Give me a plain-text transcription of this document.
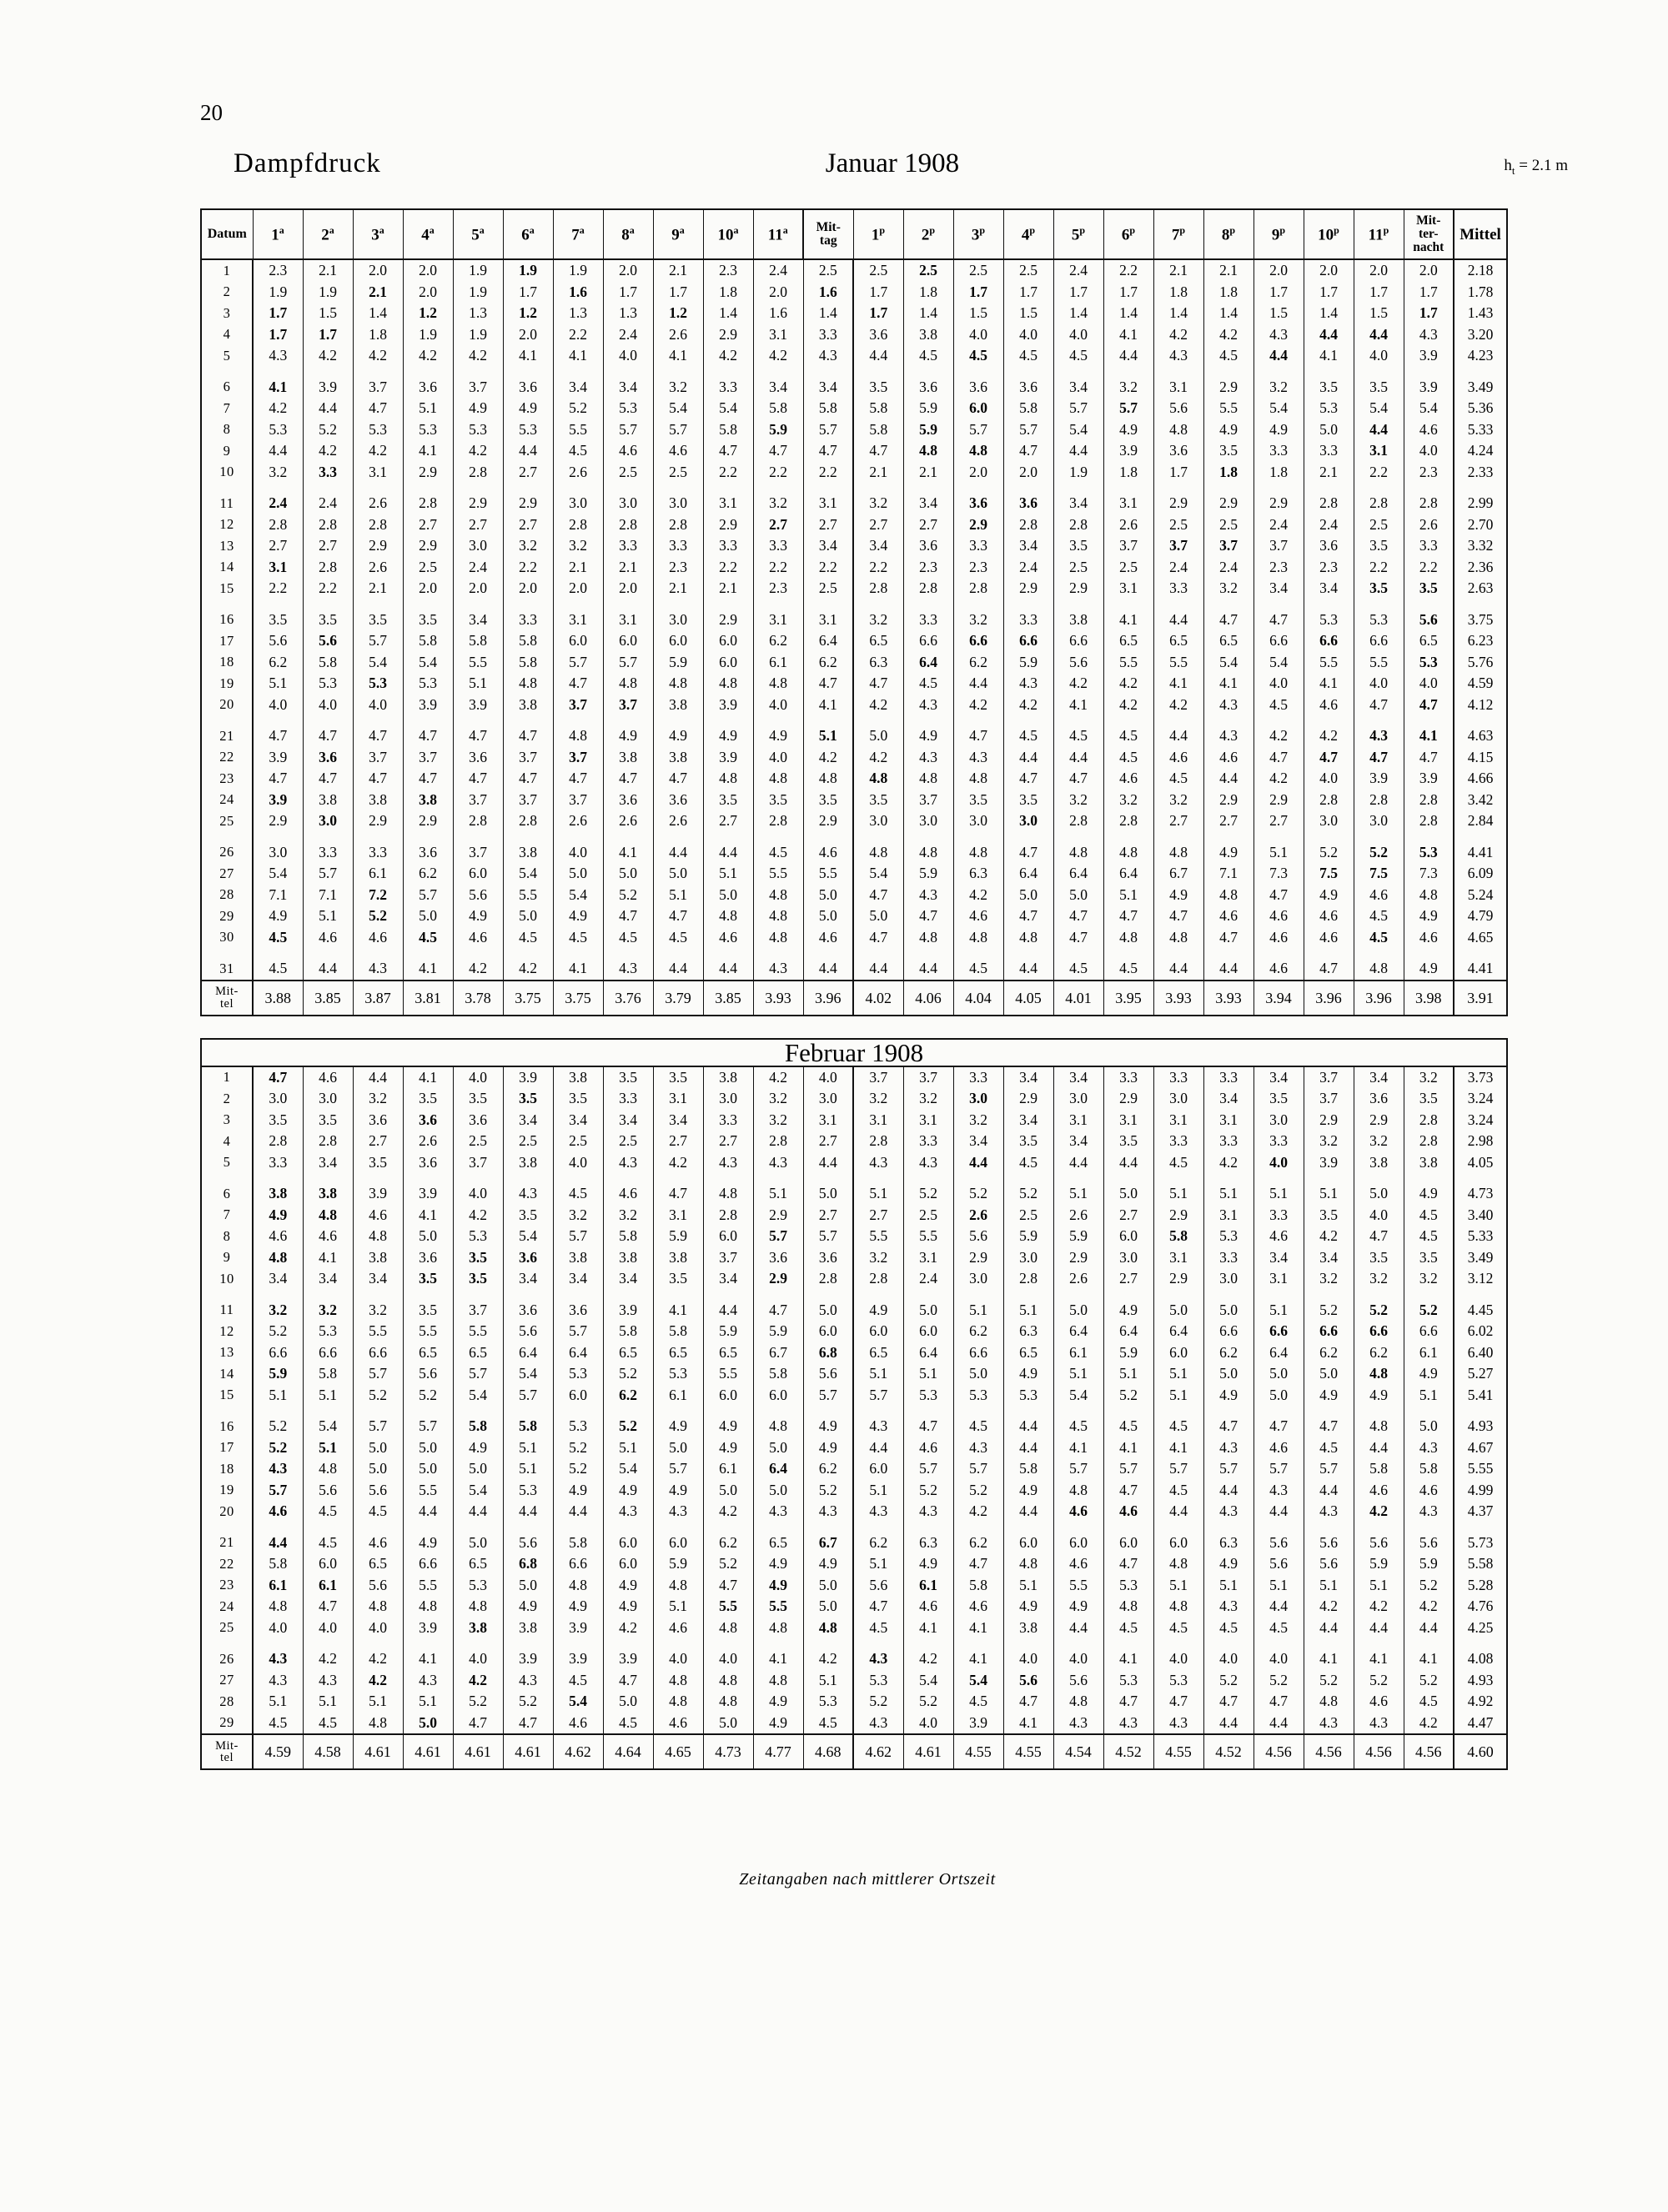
20
Dampfdruck	Januar 1908	$h_t = 2.1$ m
Datum	1$^a$	2$^a$	3$^a$	4$^a$	5$^a$	6$^a$	7$^a$	8$^a$	9$^a$	10$^a$	11$^a$	Mit-
tag	1$^p$	2$^p$	3$^p$	4$^p$	5$^p$	6$^p$	7$^p$	8$^p$	9$^p$	10$^p$	11$^p$	Mit-
ter-
nacht	Mittel
1	2.3	2.1	2.0	2.0	1.9	1.9	1.9	2.0	2.1	2.3	2.4	2.5	2.5	2.5	2.5	2.5	2.4	2.2	2.1	2.1	2.0	2.0	2.0	2.0	2.18
2	1.9	1.9	2.1	2.0	1.9	1.7	1.6	1.7	1.7	1.8	2.0	1.6	1.7	1.8	1.7	1.7	1.7	1.7	1.8	1.8	1.7	1.7	1.7	1.7	1.78
3	1.7	1.5	1.4	1.2	1.3	1.2	1.3	1.3	1.2	1.4	1.6	1.4	1.7	1.4	1.5	1.5	1.4	1.4	1.4	1.4	1.5	1.4	1.5	1.7	1.43
4	1.7	1.7	1.8	1.9	1.9	2.0	2.2	2.4	2.6	2.9	3.1	3.3	3.6	3.8	4.0	4.0	4.0	4.1	4.2	4.2	4.3	4.4	4.4	4.3	3.20
5	4.3	4.2	4.2	4.2	4.2	4.1	4.1	4.0	4.1	4.2	4.2	4.3	4.4	4.5	4.5	4.5	4.5	4.4	4.3	4.5	4.4	4.1	4.0	3.9	4.23
6	4.1	3.9	3.7	3.6	3.7	3.6	3.4	3.4	3.2	3.3	3.4	3.4	3.5	3.6	3.6	3.6	3.4	3.2	3.1	2.9	3.2	3.5	3.5	3.9	3.49
7	4.2	4.4	4.7	5.1	4.9	4.9	5.2	5.3	5.4	5.4	5.8	5.8	5.8	5.9	6.0	5.8	5.7	5.7	5.6	5.5	5.4	5.3	5.4	5.4	5.36
8	5.3	5.2	5.3	5.3	5.3	5.3	5.5	5.7	5.7	5.8	5.9	5.7	5.8	5.9	5.7	5.7	5.4	4.9	4.8	4.9	4.9	5.0	4.4	4.6	5.33
9	4.4	4.2	4.2	4.1	4.2	4.4	4.5	4.6	4.6	4.7	4.7	4.7	4.7	4.8	4.8	4.7	4.4	3.9	3.6	3.5	3.3	3.3	3.1	4.0	4.24
10	3.2	3.3	3.1	2.9	2.8	2.7	2.6	2.5	2.5	2.2	2.2	2.2	2.1	2.1	2.0	2.0	1.9	1.8	1.7	1.8	1.8	2.1	2.2	2.3	2.33
11	2.4	2.4	2.6	2.8	2.9	2.9	3.0	3.0	3.0	3.1	3.2	3.1	3.2	3.4	3.6	3.6	3.4	3.1	2.9	2.9	2.9	2.8	2.8	2.8	2.99
12	2.8	2.8	2.8	2.7	2.7	2.7	2.8	2.8	2.8	2.9	2.7	2.7	2.7	2.7	2.9	2.8	2.8	2.6	2.5	2.5	2.4	2.4	2.5	2.6	2.70
13	2.7	2.7	2.9	2.9	3.0	3.2	3.2	3.3	3.3	3.3	3.3	3.4	3.4	3.6	3.3	3.4	3.5	3.7	3.7	3.7	3.7	3.6	3.5	3.3	3.32
14	3.1	2.8	2.6	2.5	2.4	2.2	2.1	2.1	2.3	2.2	2.2	2.2	2.2	2.3	2.3	2.4	2.5	2.5	2.4	2.4	2.3	2.3	2.2	2.2	2.36
15	2.2	2.2	2.1	2.0	2.0	2.0	2.0	2.0	2.1	2.1	2.3	2.5	2.8	2.8	2.8	2.9	2.9	3.1	3.3	3.2	3.4	3.4	3.5	3.5	2.63
16	3.5	3.5	3.5	3.5	3.4	3.3	3.1	3.1	3.0	2.9	3.1	3.1	3.2	3.3	3.2	3.3	3.8	4.1	4.4	4.7	4.7	5.3	5.3	5.6	3.75
17	5.6	5.6	5.7	5.8	5.8	5.8	6.0	6.0	6.0	6.0	6.2	6.4	6.5	6.6	6.6	6.6	6.6	6.5	6.5	6.5	6.6	6.6	6.6	6.5	6.23
18	6.2	5.8	5.4	5.4	5.5	5.8	5.7	5.7	5.9	6.0	6.1	6.2	6.3	6.4	6.2	5.9	5.6	5.5	5.5	5.4	5.4	5.5	5.5	5.3	5.76
19	5.1	5.3	5.3	5.3	5.1	4.8	4.7	4.8	4.8	4.8	4.8	4.7	4.7	4.5	4.4	4.3	4.2	4.2	4.1	4.1	4.0	4.1	4.0	4.0	4.59
20	4.0	4.0	4.0	3.9	3.9	3.8	3.7	3.7	3.8	3.9	4.0	4.1	4.2	4.3	4.2	4.2	4.1	4.2	4.2	4.3	4.5	4.6	4.7	4.7	4.12
21	4.7	4.7	4.7	4.7	4.7	4.7	4.8	4.9	4.9	4.9	4.9	5.1	5.0	4.9	4.7	4.5	4.5	4.5	4.4	4.3	4.2	4.2	4.3	4.1	4.63
22	3.9	3.6	3.7	3.7	3.6	3.7	3.7	3.8	3.8	3.9	4.0	4.2	4.2	4.3	4.3	4.4	4.4	4.5	4.6	4.6	4.7	4.7	4.7	4.7	4.15
23	4.7	4.7	4.7	4.7	4.7	4.7	4.7	4.7	4.7	4.8	4.8	4.8	4.8	4.8	4.8	4.7	4.7	4.6	4.5	4.4	4.2	4.0	3.9	3.9	4.66
24	3.9	3.8	3.8	3.8	3.7	3.7	3.7	3.6	3.6	3.5	3.5	3.5	3.5	3.7	3.5	3.5	3.2	3.2	3.2	2.9	2.9	2.8	2.8	2.8	3.42
25	2.9	3.0	2.9	2.9	2.8	2.8	2.6	2.6	2.6	2.7	2.8	2.9	3.0	3.0	3.0	3.0	2.8	2.8	2.7	2.7	2.7	3.0	3.0	2.8	2.84
26	3.0	3.3	3.3	3.6	3.7	3.8	4.0	4.1	4.4	4.4	4.5	4.6	4.8	4.8	4.8	4.7	4.8	4.8	4.8	4.9	5.1	5.2	5.2	5.3	4.41
27	5.4	5.7	6.1	6.2	6.0	5.4	5.0	5.0	5.0	5.1	5.5	5.5	5.4	5.9	6.3	6.4	6.4	6.4	6.7	7.1	7.3	7.5	7.5	7.3	6.09
28	7.1	7.1	7.2	5.7	5.6	5.5	5.4	5.2	5.1	5.0	4.8	5.0	4.7	4.3	4.2	5.0	5.0	5.1	4.9	4.8	4.7	4.9	4.6	4.8	5.24
29	4.9	5.1	5.2	5.0	4.9	5.0	4.9	4.7	4.7	4.8	4.8	5.0	5.0	4.7	4.6	4.7	4.7	4.7	4.7	4.6	4.6	4.6	4.5	4.9	4.79
30	4.5	4.6	4.6	4.5	4.6	4.5	4.5	4.5	4.5	4.6	4.8	4.6	4.7	4.8	4.8	4.8	4.7	4.8	4.8	4.7	4.6	4.6	4.5	4.6	4.65
31	4.5	4.4	4.3	4.1	4.2	4.2	4.1	4.3	4.4	4.4	4.3	4.4	4.4	4.4	4.5	4.4	4.5	4.5	4.4	4.4	4.6	4.7	4.8	4.9	4.41
Mit-
tel	3.88	3.85	3.87	3.81	3.78	3.75	3.75	3.76	3.79	3.85	3.93	3.96	4.02	4.06	4.04	4.05	4.01	3.95	3.93	3.93	3.94	3.96	3.96	3.98	3.91
Februar 1908																									
1	4.7	4.6	4.4	4.1	4.0	3.9	3.8	3.5	3.5	3.8	4.2	4.0	3.7	3.7	3.3	3.4	3.4	3.3	3.3	3.3	3.4	3.7	3.4	3.2	3.73
2	3.0	3.0	3.2	3.5	3.5	3.5	3.5	3.3	3.1	3.0	3.2	3.0	3.2	3.2	3.0	2.9	3.0	2.9	3.0	3.4	3.5	3.7	3.6	3.5	3.24
3	3.5	3.5	3.6	3.6	3.6	3.4	3.4	3.4	3.4	3.3	3.2	3.1	3.1	3.1	3.2	3.4	3.1	3.1	3.1	3.1	3.0	2.9	2.9	2.8	3.24
4	2.8	2.8	2.7	2.6	2.5	2.5	2.5	2.5	2.7	2.7	2.8	2.7	2.8	3.3	3.4	3.5	3.4	3.5	3.3	3.3	3.3	3.2	3.2	2.8	2.98
5	3.3	3.4	3.5	3.6	3.7	3.8	4.0	4.3	4.2	4.3	4.3	4.4	4.3	4.3	4.4	4.5	4.4	4.4	4.5	4.2	4.0	3.9	3.8	3.8	4.05
6	3.8	3.8	3.9	3.9	4.0	4.3	4.5	4.6	4.7	4.8	5.1	5.0	5.1	5.2	5.2	5.2	5.1	5.0	5.1	5.1	5.1	5.1	5.0	4.9	4.73
7	4.9	4.8	4.6	4.1	4.2	3.5	3.2	3.2	3.1	2.8	2.9	2.7	2.7	2.5	2.6	2.5	2.6	2.7	2.9	3.1	3.3	3.5	4.0	4.5	3.40
8	4.6	4.6	4.8	5.0	5.3	5.4	5.7	5.8	5.9	6.0	5.7	5.7	5.5	5.5	5.6	5.9	5.9	6.0	5.8	5.3	4.6	4.2	4.7	4.5	5.33
9	4.8	4.1	3.8	3.6	3.5	3.6	3.8	3.8	3.8	3.7	3.6	3.6	3.2	3.1	2.9	3.0	2.9	3.0	3.1	3.3	3.4	3.4	3.5	3.5	3.49
10	3.4	3.4	3.4	3.5	3.5	3.4	3.4	3.4	3.5	3.4	2.9	2.8	2.8	2.4	3.0	2.8	2.6	2.7	2.9	3.0	3.1	3.2	3.2	3.2	3.12
11	3.2	3.2	3.2	3.5	3.7	3.6	3.6	3.9	4.1	4.4	4.7	5.0	4.9	5.0	5.1	5.1	5.0	4.9	5.0	5.0	5.1	5.2	5.2	5.2	4.45
12	5.2	5.3	5.5	5.5	5.5	5.6	5.7	5.8	5.8	5.9	5.9	6.0	6.0	6.0	6.2	6.3	6.4	6.4	6.4	6.6	6.6	6.6	6.6	6.6	6.02
13	6.6	6.6	6.6	6.5	6.5	6.4	6.4	6.5	6.5	6.5	6.7	6.8	6.5	6.4	6.6	6.5	6.1	5.9	6.0	6.2	6.4	6.2	6.2	6.1	6.40
14	5.9	5.8	5.7	5.6	5.7	5.4	5.3	5.2	5.3	5.5	5.8	5.6	5.1	5.1	5.0	4.9	5.1	5.1	5.1	5.0	5.0	5.0	4.8	4.9	5.27
15	5.1	5.1	5.2	5.2	5.4	5.7	6.0	6.2	6.1	6.0	6.0	5.7	5.7	5.3	5.3	5.3	5.4	5.2	5.1	4.9	5.0	4.9	4.9	5.1	5.41
16	5.2	5.4	5.7	5.7	5.8	5.8	5.3	5.2	4.9	4.9	4.8	4.9	4.3	4.7	4.5	4.4	4.5	4.5	4.5	4.7	4.7	4.7	4.8	5.0	4.93
17	5.2	5.1	5.0	5.0	4.9	5.1	5.2	5.1	5.0	4.9	5.0	4.9	4.4	4.6	4.3	4.4	4.1	4.1	4.1	4.3	4.6	4.5	4.4	4.3	4.67
18	4.3	4.8	5.0	5.0	5.0	5.1	5.2	5.4	5.7	6.1	6.4	6.2	6.0	5.7	5.7	5.8	5.7	5.7	5.7	5.7	5.7	5.7	5.8	5.8	5.55
19	5.7	5.6	5.6	5.5	5.4	5.3	4.9	4.9	4.9	5.0	5.0	5.2	5.1	5.2	5.2	4.9	4.8	4.7	4.5	4.4	4.3	4.4	4.6	4.6	4.99
20	4.6	4.5	4.5	4.4	4.4	4.4	4.4	4.3	4.3	4.2	4.3	4.3	4.3	4.3	4.2	4.4	4.6	4.6	4.4	4.3	4.4	4.3	4.2	4.3	4.37
21	4.4	4.5	4.6	4.9	5.0	5.6	5.8	6.0	6.0	6.2	6.5	6.7	6.2	6.3	6.2	6.0	6.0	6.0	6.0	6.3	5.6	5.6	5.6	5.6	5.73
22	5.8	6.0	6.5	6.6	6.5	6.8	6.6	6.0	5.9	5.2	4.9	4.9	5.1	4.9	4.7	4.8	4.6	4.7	4.8	4.9	5.6	5.6	5.9	5.9	5.58
23	6.1	6.1	5.6	5.5	5.3	5.0	4.8	4.9	4.8	4.7	4.9	5.0	5.6	6.1	5.8	5.1	5.5	5.3	5.1	5.1	5.1	5.1	5.1	5.2	5.28
24	4.8	4.7	4.8	4.8	4.8	4.9	4.9	4.9	5.1	5.5	5.5	5.0	4.7	4.6	4.6	4.9	4.9	4.8	4.8	4.3	4.4	4.2	4.2	4.2	4.76
25	4.0	4.0	4.0	3.9	3.8	3.8	3.9	4.2	4.6	4.8	4.8	4.8	4.5	4.1	4.1	3.8	4.4	4.5	4.5	4.5	4.5	4.4	4.4	4.4	4.25
26	4.3	4.2	4.2	4.1	4.0	3.9	3.9	3.9	4.0	4.0	4.1	4.2	4.3	4.2	4.1	4.0	4.0	4.1	4.0	4.0	4.0	4.1	4.1	4.1	4.08
27	4.3	4.3	4.2	4.3	4.2	4.3	4.5	4.7	4.8	4.8	4.8	5.1	5.3	5.4	5.4	5.6	5.6	5.3	5.3	5.2	5.2	5.2	5.2	5.2	4.93
28	5.1	5.1	5.1	5.1	5.2	5.2	5.4	5.0	4.8	4.8	4.9	5.3	5.2	5.2	4.5	4.7	4.8	4.7	4.7	4.7	4.7	4.8	4.6	4.5	4.92
29	4.5	4.5	4.8	5.0	4.7	4.7	4.6	4.5	4.6	5.0	4.9	4.5	4.3	4.0	3.9	4.1	4.3	4.3	4.3	4.4	4.4	4.3	4.3	4.2	4.47
Mit-
tel	4.59	4.58	4.61	4.61	4.61	4.61	4.62	4.64	4.65	4.73	4.77	4.68	4.62	4.61	4.55	4.55	4.54	4.52	4.55	4.52	4.56	4.56	4.56	4.56	4.60
Zeitangaben nach mittlerer Ortszeit
